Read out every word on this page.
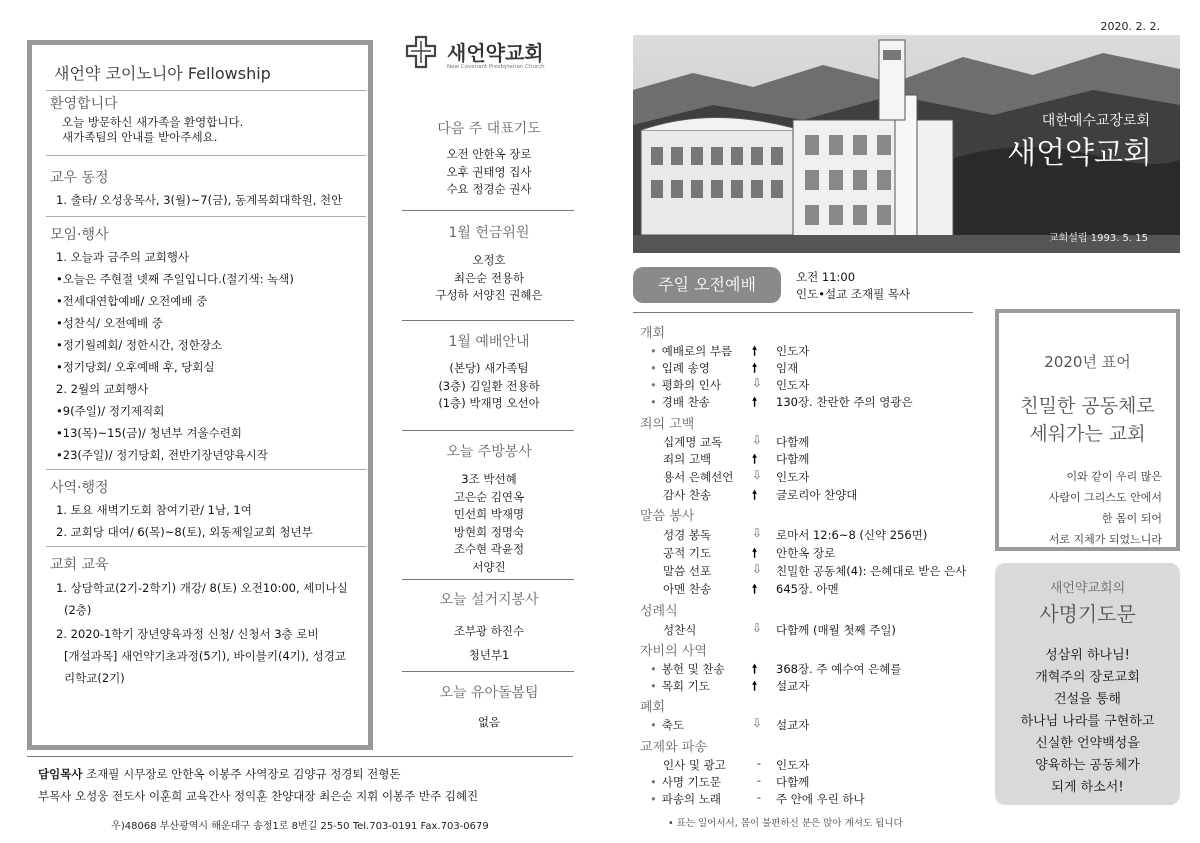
새언약 코이노니아 Fellowship
환영합니다
오늘 방문하신 새가족을 환영합니다.
새가족팀의 안내를 받아주세요.
교우 동정
1. 출타/ 오성웅목사, 3(월)~7(금), 동계목회대학원, 천안
모임·행사
1. 오늘과 금주의 교회행사
•오늘은 주현절 넷째 주일입니다.(절기색: 녹색)
•전세대연합예배/ 오전예배 중
•성찬식/ 오전예배 중
•정기월례회/ 정한시간, 정한장소
•정기당회/ 오후예배 후, 당회실
2. 2월의 교회행사
•9(주일)/ 정기제직회
•13(목)~15(금)/ 청년부 겨울수련회
•23(주일)/ 정기당회, 전반기장년양육시작
사역·행정
1. 토요 새벽기도회 참여기관/ 1남, 1여
2. 교회당 대여/ 6(목)~8(토), 외동제일교회 청년부
교회 교육
1. 상담학교(2기-2학기) 개강/ 8(토) 오전10:00, 세미나실
(2층)
2. 2020-1학기 장년양육과정 신청/ 신청서 3층 로비
[개설과목] 새언약기초과정(5기), 바이블키(4기), 성경교
리학교(2기)
새언약교회
New Covenant Presbyterian Church
다음 주 대표기도
오전 안한옥 장로
오후 권태영 집사
수요 정경순 권사
1월 헌금위원
오정호
최은순 전용하
구성하 서양진 권혜은
1월 예배안내
(본당) 새가족팀
(3층) 김일환 전용하
(1층) 박재명 오선아
오늘 주방봉사
3조 박선혜
고은순 김연옥
민선희 박재명
방현희 정명숙
조수현 곽윤정
서양진
오늘 설거지봉사
조부광 하진수
청년부1
오늘 유아돌봄팀
없음
담임목사 조재필 시무장로 안한옥 이봉주 사역장로 김양규 정경퇴 전형돈
부목사 오성웅 전도사 이훈희 교육간사 정익훈 찬양대장 최은순 지휘 이봉주 반주 김혜진
우)48068 부산광역시 해운대구 송정1로 8번길 25-50 Tel.703-0191 Fax.703-0679
2020. 2. 2.
대한예수교장로회
새언약교회
교회설립 1993. 5. 15
주일 오전예배	오전 11:00
인도•설교 조재필 목사
개회
• 예배로의 부름 🠕 인도자
• 입례 송영	🠕 임재
• 평화의 인사	⇩ 인도자
• 경배 찬송	🠕 130장. 찬란한 주의 영광은
죄의 고백
십계명 교독 ⇩ 다함께
죄의 고백	🠕 다함께
용서 은혜선언 ⇩ 인도자
감사 찬송	🠕 글로리아 찬양대
말씀 봉사
성경 봉독	⇩ 로마서 12:6~8 (신약 256면)
공적 기도	🠕 안한옥 장로
말씀 선포	⇩ 친밀한 공동체(4): 은혜대로 받은 은사
아멘 찬송	🠕 645장. 아멘
성례식
성찬식	⇩ 다함께 (매월 첫째 주일)
자비의 사역
• 봉헌 및 찬송 🠕 368장. 주 예수여 은혜를
• 목회 기도	🠕 설교자
폐회
• 축도	⇩ 설교자
교제와 파송
인사 및 광고	- 인도자
• 사명 기도문	- 다함께
• 파송의 노래	- 주 안에 우린 하나
• 표는 일어서서, 몸이 불편하신 분은 앉아 계셔도 됩니다
2020년 표어
친밀한 공동체로
세워가는 교회
이와 같이 우리 많은
사람이 그리스도 안에서
한 몸이 되어
서로 지체가 되었느니라
새언약교회의
사명기도문
성삼위 하나님!
개혁주의 장로교회
건설을 통해
하나님 나라를 구현하고
신실한 언약백성을
양육하는 공동체가
되게 하소서!
